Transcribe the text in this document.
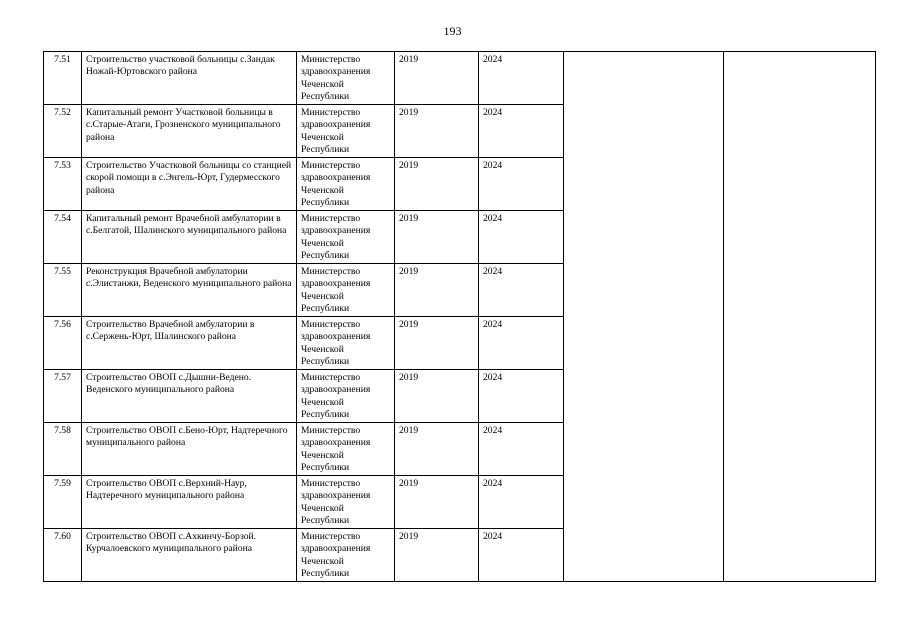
193
7.51	Строительство участковой больницы с.Зандак Ножай-Юртовского района	Министерство здравоохранения Чеченской Республики	2019	2024		
7.52	Капитальный ремонт Участковой больницы в с.Старые-Атаги, Грозненского муниципального района	Министерство здравоохранения Чеченской Республики	2019	2024		
7.53	Строительство Участковой больницы со станцией скорой помощи в с.Энгель-Юрт, Гудермесского района	Министерство здравоохранения Чеченской Республики	2019	2024		
7.54	Капитальный ремонт Врачебной амбулатории в с.Белгатой, Шалинского муниципального района	Министерство здравоохранения Чеченской Республики	2019	2024		
7.55	Реконструкция Врачебной амбулатории с.Элистанжи, Веденского муниципального района	Министерство здравоохранения Чеченской Республики	2019	2024		
7.56	Строительство Врачебной амбулатории в с.Сержень-Юрт, Шалинского района	Министерство здравоохранения Чеченской Республики	2019	2024		
7.57	Строительство ОВОП с.Дышни-Ведено. Веденского муниципального района	Министерство здравоохранения Чеченской Республики	2019	2024		
7.58	Строительство ОВОП с.Бено-Юрт, Надтеречного муниципального района	Министерство здравоохранения Чеченской Республики	2019	2024		
7.59	Строительство ОВОП с.Верхний-Наур, Надтеречного муниципального района	Министерство здравоохранения Чеченской Республики	2019	2024		
7.60	Строительство ОВОП с.Ахкинчу-Борзой. Курчалоевского муниципального района	Министерство здравоохранения Чеченской Республики	2019	2024		
